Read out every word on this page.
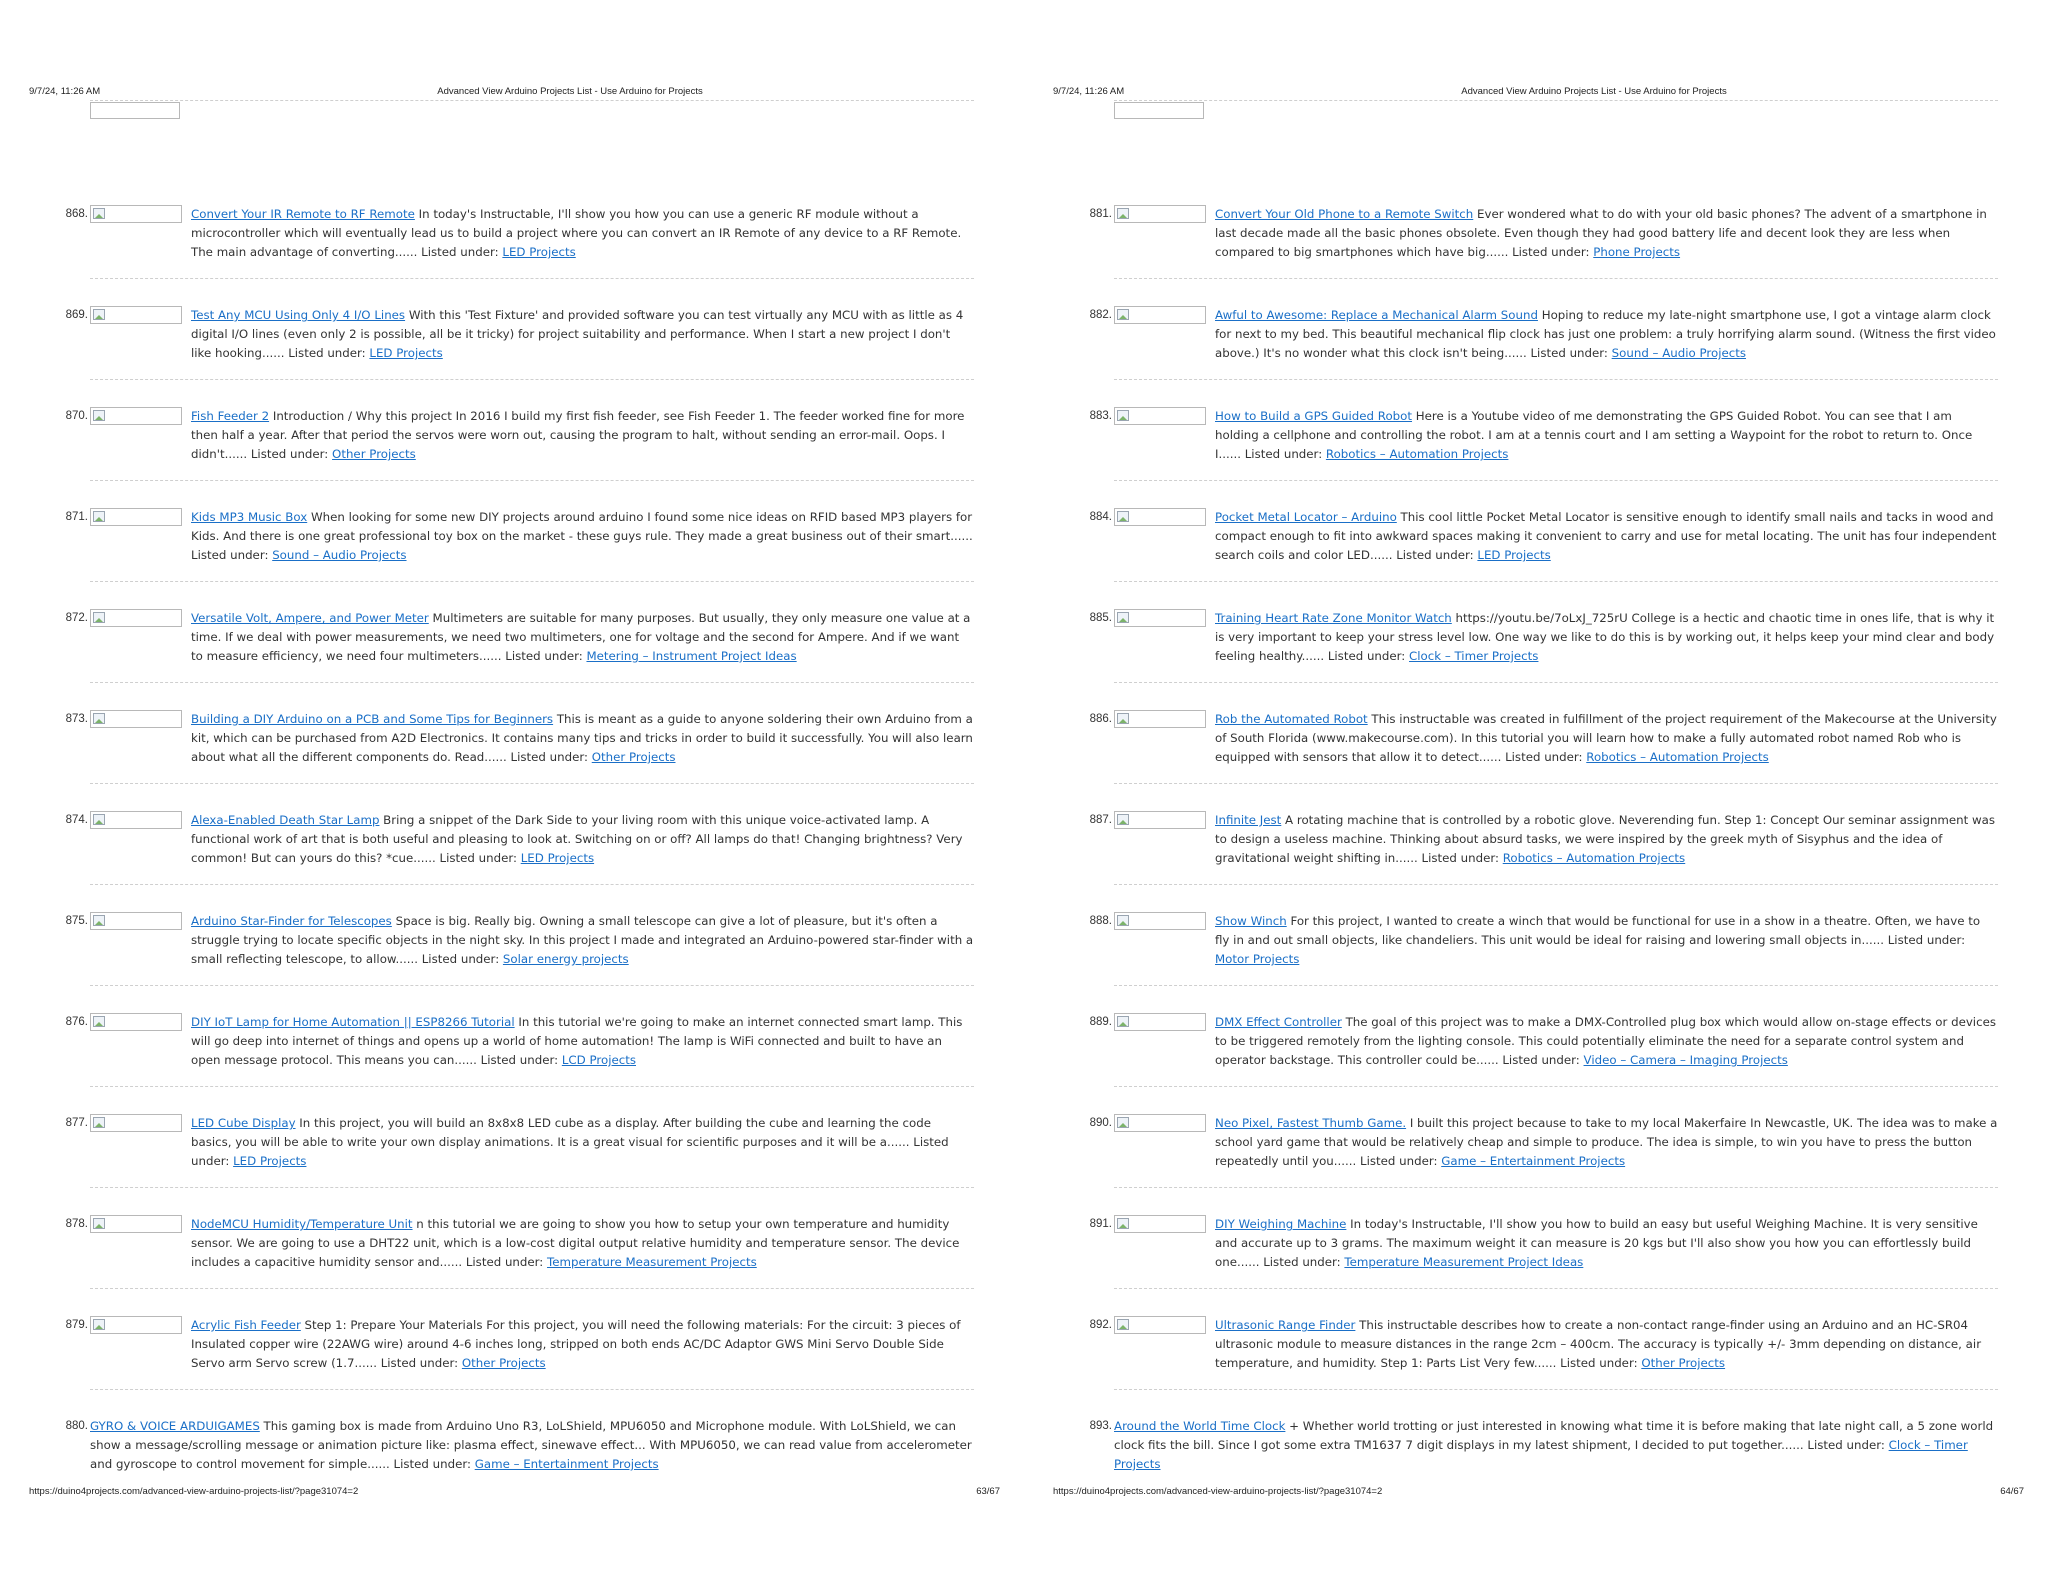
9/7/24, 11:26 AM	Advanced View Arduino Projects List - Use Arduino for Projects
868.	Convert Your IR Remote to RF Remote In today's Instructable, I'll show you how you can use a generic RF module without a microcontroller which will eventually lead us to build a project where you can convert an IR Remote of any device to a RF Remote. The main advantage of converting...... Listed under: LED Projects
869.	Test Any MCU Using Only 4 I/O Lines With this 'Test Fixture' and provided software you can test virtually any MCU with as little as 4 digital I/O lines (even only 2 is possible, all be it tricky) for project suitability and performance. When I start a new project I don't like hooking...... Listed under: LED Projects
870.	Fish Feeder 2 Introduction / Why this project In 2016 I build my first fish feeder, see Fish Feeder 1. The feeder worked fine for more then half a year. After that period the servos were worn out, causing the program to halt, without sending an error-mail. Oops. I didn't...... Listed under: Other Projects
871.	Kids MP3 Music Box When looking for some new DIY projects around arduino I found some nice ideas on RFID based MP3 players for Kids. And there is one great professional toy box on the market - these guys rule. They made a great business out of their smart...... Listed under: Sound – Audio Projects
872.	Versatile Volt, Ampere, and Power Meter Multimeters are suitable for many purposes. But usually, they only measure one value at a time. If we deal with power measurements, we need two multimeters, one for voltage and the second for Ampere. And if we want to measure efficiency, we need four multimeters...... Listed under: Metering – Instrument Project Ideas
873.	Building a DIY Arduino on a PCB and Some Tips for Beginners This is meant as a guide to anyone soldering their own Arduino from a kit, which can be purchased from A2D Electronics. It contains many tips and tricks in order to build it successfully. You will also learn about what all the different components do. Read...... Listed under: Other Projects
874.	Alexa-Enabled Death Star Lamp Bring a snippet of the Dark Side to your living room with this unique voice-activated lamp. A functional work of art that is both useful and pleasing to look at. Switching on or off? All lamps do that! Changing brightness? Very common! But can yours do this? *cue...... Listed under: LED Projects
875.	Arduino Star-Finder for Telescopes Space is big. Really big. Owning a small telescope can give a lot of pleasure, but it's often a struggle trying to locate specific objects in the night sky. In this project I made and integrated an Arduino-powered star-finder with a small reflecting telescope, to allow...... Listed under: Solar energy projects
876.	DIY IoT Lamp for Home Automation || ESP8266 Tutorial In this tutorial we're going to make an internet connected smart lamp. This will go deep into internet of things and opens up a world of home automation! The lamp is WiFi connected and built to have an open message protocol. This means you can...... Listed under: LCD Projects
877.	LED Cube Display In this project, you will build an 8x8x8 LED cube as a display. After building the cube and learning the code basics, you will be able to write your own display animations. It is a great visual for scientific purposes and it will be a...... Listed under: LED Projects
878.	NodeMCU Humidity/Temperature Unit n this tutorial we are going to show you how to setup your own temperature and humidity sensor. We are going to use a DHT22 unit, which is a low-cost digital output relative humidity and temperature sensor. The device includes a capacitive humidity sensor and...... Listed under: Temperature Measurement Projects
879.	Acrylic Fish Feeder Step 1: Prepare Your Materials For this project, you will need the following materials: For the circuit: 3 pieces of Insulated copper wire (22AWG wire) around 4-6 inches long, stripped on both ends AC/DC Adaptor GWS Mini Servo Double Side Servo arm Servo screw (1.7...... Listed under: Other Projects
880. GYRO & VOICE ARDUIGAMES This gaming box is made from Arduino Uno R3, LoLShield, MPU6050 and Microphone module. With LoLShield, we can show a message/scrolling message or animation picture like: plasma effect, sinewave effect... With MPU6050, we can read value from accelerometer and gyroscope to control movement for simple...... Listed under: Game – Entertainment Projects
https://duino4projects.com/advanced-view-arduino-projects-list/?page31074=2	63/67
9/7/24, 11:26 AM	Advanced View Arduino Projects List - Use Arduino for Projects
881.	Convert Your Old Phone to a Remote Switch Ever wondered what to do with your old basic phones? The advent of a smartphone in last decade made all the basic phones obsolete. Even though they had good battery life and decent look they are less when compared to big smartphones which have big...... Listed under: Phone Projects
882.	Awful to Awesome: Replace a Mechanical Alarm Sound Hoping to reduce my late-night smartphone use, I got a vintage alarm clock for next to my bed. This beautiful mechanical flip clock has just one problem: a truly horrifying alarm sound. (Witness the first video above.) It's no wonder what this clock isn't being...... Listed under: Sound – Audio Projects
883.	How to Build a GPS Guided Robot Here is a Youtube video of me demonstrating the GPS Guided Robot. You can see that I am holding a cellphone and controlling the robot. I am at a tennis court and I am setting a Waypoint for the robot to return to. Once I...... Listed under: Robotics – Automation Projects
884.	Pocket Metal Locator – Arduino This cool little Pocket Metal Locator is sensitive enough to identify small nails and tacks in wood and compact enough to fit into awkward spaces making it convenient to carry and use for metal locating. The unit has four independent search coils and color LED...... Listed under: LED Projects
885.	Training Heart Rate Zone Monitor Watch https://youtu.be/7oLxJ_725rU College is a hectic and chaotic time in ones life, that is why it is very important to keep your stress level low. One way we like to do this is by working out, it helps keep your mind clear and body feeling healthy...... Listed under: Clock – Timer Projects
886.	Rob the Automated Robot This instructable was created in fulfillment of the project requirement of the Makecourse at the University of South Florida (www.makecourse.com). In this tutorial you will learn how to make a fully automated robot named Rob who is equipped with sensors that allow it to detect...... Listed under: Robotics – Automation Projects
887.	Infinite Jest A rotating machine that is controlled by a robotic glove. Neverending fun. Step 1: Concept Our seminar assignment was to design a useless machine. Thinking about absurd tasks, we were inspired by the greek myth of Sisyphus and the idea of gravitational weight shifting in...... Listed under: Robotics – Automation Projects
888.	Show Winch For this project, I wanted to create a winch that would be functional for use in a show in a theatre. Often, we have to fly in and out small objects, like chandeliers. This unit would be ideal for raising and lowering small objects in...... Listed under: Motor Projects
889.	DMX Effect Controller The goal of this project was to make a DMX-Controlled plug box which would allow on-stage effects or devices to be triggered remotely from the lighting console. This could potentially eliminate the need for a separate control system and operator backstage. This controller could be...... Listed under: Video – Camera – Imaging Projects
890.	Neo Pixel, Fastest Thumb Game. I built this project because to take to my local Makerfaire In Newcastle, UK. The idea was to make a school yard game that would be relatively cheap and simple to produce. The idea is simple, to win you have to press the button repeatedly until you...... Listed under: Game – Entertainment Projects
891.	DIY Weighing Machine In today's Instructable, I'll show you how to build an easy but useful Weighing Machine. It is very sensitive and accurate up to 3 grams. The maximum weight it can measure is 20 kgs but I'll also show you how you can effortlessly build one...... Listed under: Temperature Measurement Project Ideas
892.	Ultrasonic Range Finder This instructable describes how to create a non-contact range-finder using an Arduino and an HC-SR04 ultrasonic module to measure distances in the range 2cm – 400cm. The accuracy is typically +/- 3mm depending on distance, air temperature, and humidity. Step 1: Parts List Very few...... Listed under: Other Projects
893. Around the World Time Clock + Whether world trotting or just interested in knowing what time it is before making that late night call, a 5 zone world clock fits the bill. Since I got some extra TM1637 7 digit displays in my latest shipment, I decided to put together...... Listed under: Clock – Timer Projects
https://duino4projects.com/advanced-view-arduino-projects-list/?page31074=2	64/67
